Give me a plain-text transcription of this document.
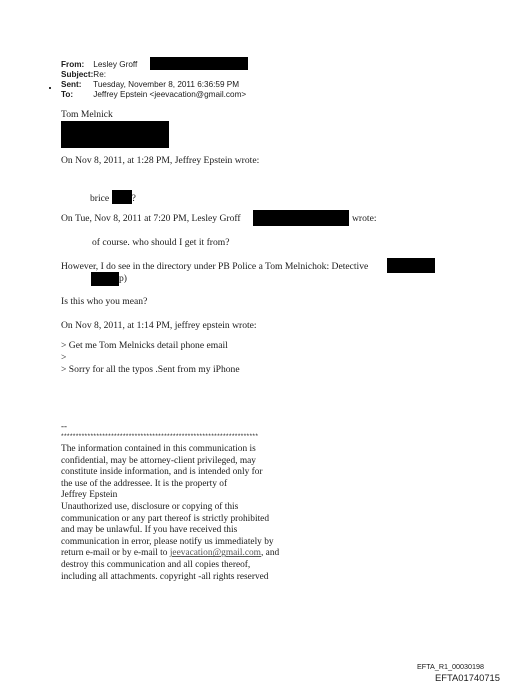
From: Lesley Groff
Subject: Re:
Sent: Tuesday, November 8, 2011 6:36:59 PM
To: Jeffrey Epstein <jeevacation@gmail.com>
Tom Melnick
On Nov 8, 2011, at 1:28 PM, Jeffrey Epstein wrote:
brice ?
On Tue, Nov 8, 2011 at 7:20 PM, Lesley Groff	wrote:
of course. who should I get it from?
However, I do see in the directory under PB Police a Tom Melnichok: Detective
p)
Is this who you mean?
On Nov 8, 2011, at 1:14 PM, jeffrey epstein wrote:
> Get me Tom Melnicks detail phone email
>
> Sorry for all the typos .Sent from my iPhone
--
*******************************************************************
The information contained in this communication is
confidential, may be attorney-client privileged, may
constitute inside information, and is intended only for
the use of the addressee. It is the property of
Jeffrey Epstein
Unauthorized use, disclosure or copying of this
communication or any part thereof is strictly prohibited
and may be unlawful. If you have received this
communication in error, please notify us immediately by
return e-mail or by e-mail to jeevacation@gmail.com, and
destroy this communication and all copies thereof,
including all attachments. copyright -all rights reserved
EFTA_R1_00030198
EFTA01740715
